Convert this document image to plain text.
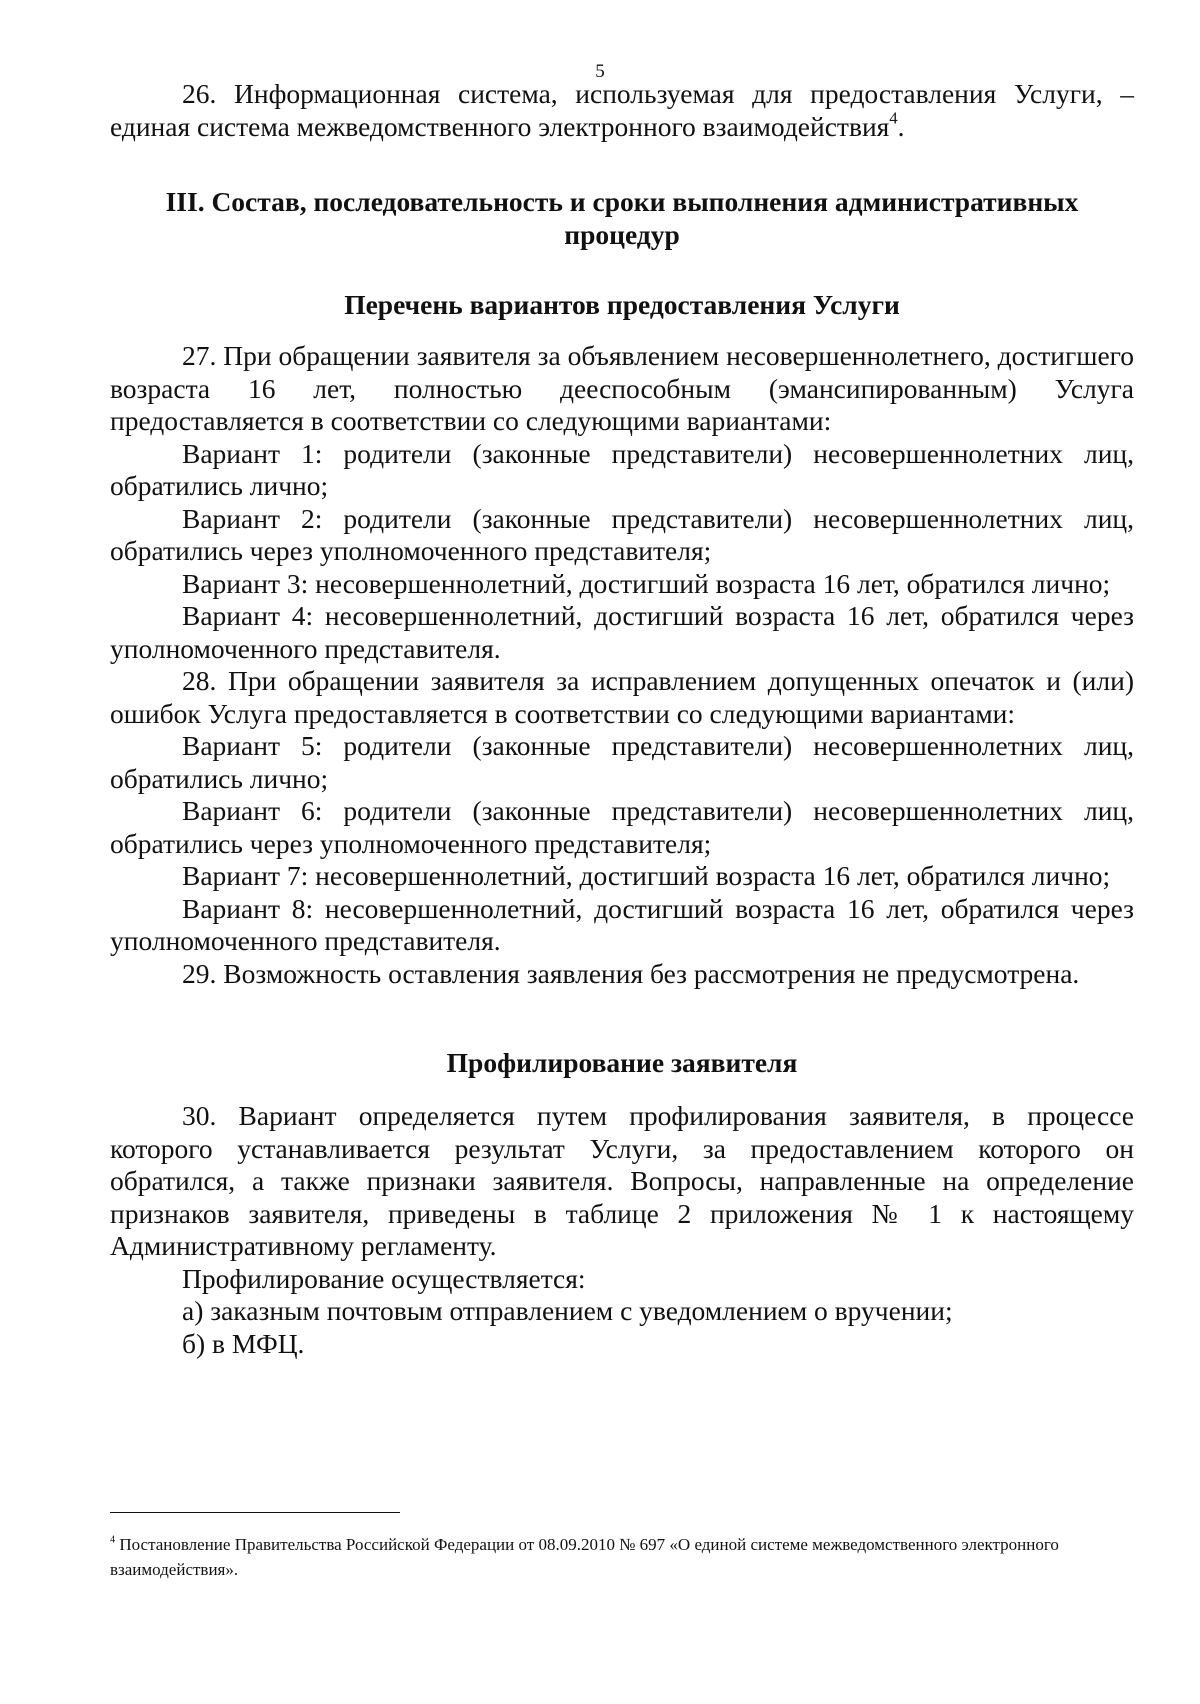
5

26. Информационная система, используемая для предоставления Услуги, – единая система межведомственного электронного взаимодействия$^4$.

III. Состав, последовательность и сроки выполнения административных процедур
Перечень вариантов предоставления Услуги

27. При обращении заявителя за объявлением несовершеннолетнего, достигшего возраста 16 лет, полностью дееспособным (эмансипированным) Услуга предоставляется в соответствии со следующими вариантами:

Вариант 1: родители (законные представители) несовершеннолетних лиц, обратились лично;

Вариант 2: родители (законные представители) несовершеннолетних лиц, обратились через уполномоченного представителя;

Вариант 3: несовершеннолетний, достигший возраста 16 лет, обратился лично;

Вариант 4: несовершеннолетний, достигший возраста 16 лет, обратился через уполномоченного представителя.

28. При обращении заявителя за исправлением допущенных опечаток и (или) ошибок Услуга предоставляется в соответствии со следующими вариантами:

Вариант 5: родители (законные представители) несовершеннолетних лиц, обратились лично;

Вариант 6: родители (законные представители) несовершеннолетних лиц, обратились через уполномоченного представителя;

Вариант 7: несовершеннолетний, достигший возраста 16 лет, обратился лично;

Вариант 8: несовершеннолетний, достигший возраста 16 лет, обратился через уполномоченного представителя.

29. Возможность оставления заявления без рассмотрения не предусмотрена.

Профилирование заявителя

30. Вариант определяется путем профилирования заявителя, в процессе которого устанавливается результат Услуги, за предоставлением которого он обратился, а также признаки заявителя. Вопросы, направленные на определение признаков заявителя, приведены в таблице 2 приложения № 1 к настоящему Административному регламенту.

Профилирование осуществляется:

а) заказным почтовым отправлением с уведомлением о вручении;

б) в МФЦ.

$^4$ Постановление Правительства Российской Федерации от 08.09.2010 № 697 «О единой системе межведомственного электронного взаимодействия».
